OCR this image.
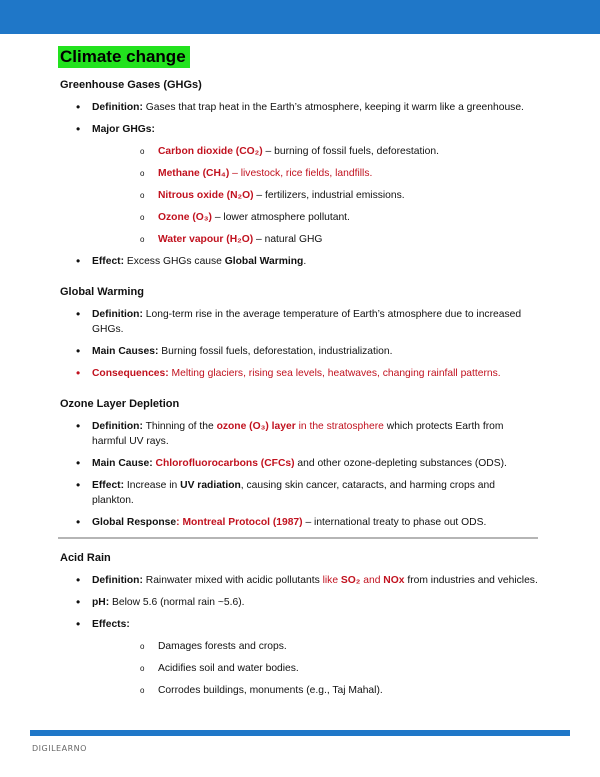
Climate change
Greenhouse Gases (GHGs)
• Definition: Gases that trap heat in the Earth’s atmosphere, keeping it warm like a greenhouse.
• Major GHGs:
o Carbon dioxide (CO₂) – burning of fossil fuels, deforestation.
o Methane (CH₄) – livestock, rice fields, landfills.
o Nitrous oxide (N₂O) – fertilizers, industrial emissions.
o Ozone (O₃) – lower atmosphere pollutant.
o Water vapour (H₂O) – natural GHG
• Effect: Excess GHGs cause Global Warming.
Global Warming
• Definition: Long-term rise in the average temperature of Earth’s atmosphere due to increased GHGs.
• Main Causes: Burning fossil fuels, deforestation, industrialization.
• Consequences: Melting glaciers, rising sea levels, heatwaves, changing rainfall patterns.
Ozone Layer Depletion
• Definition: Thinning of the ozone (O₃) layer in the stratosphere which protects Earth from harmful UV rays.
• Main Cause: Chlorofluorocarbons (CFCs) and other ozone-depleting substances (ODS).
• Effect: Increase in UV radiation, causing skin cancer, cataracts, and harming crops and plankton.
• Global Response: Montreal Protocol (1987) – international treaty to phase out ODS.
Acid Rain
• Definition: Rainwater mixed with acidic pollutants like SO₂ and NOx from industries and vehicles.
• pH: Below 5.6 (normal rain ~5.6).
• Effects:
o Damages forests and crops.
o Acidifies soil and water bodies.
o Corrodes buildings, monuments (e.g., Taj Mahal).
DIGILEARNO
